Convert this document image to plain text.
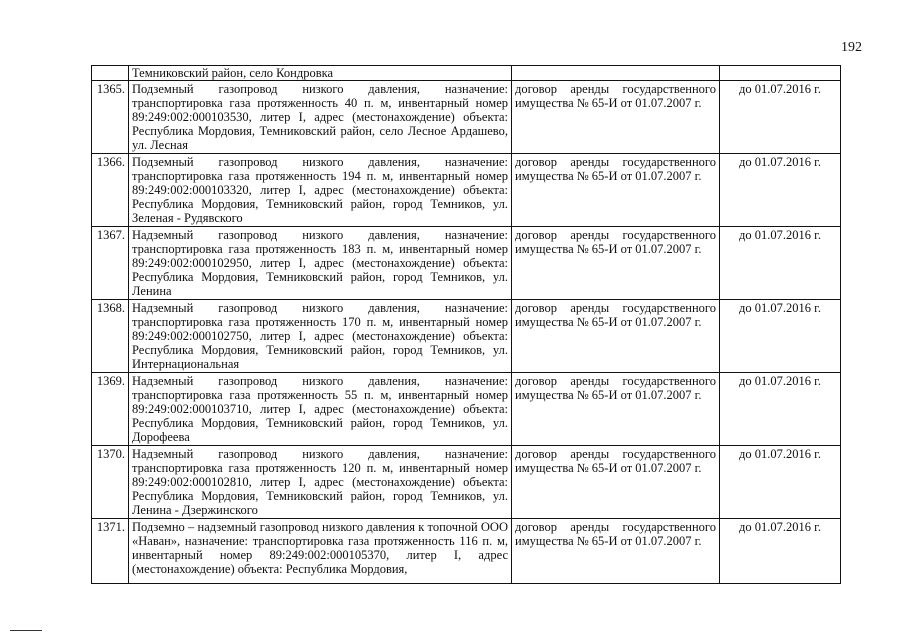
192
	Темниковский район, село Кондровка		
1365.	Подземный газопровод низкого давления, назначение: транспортировка газа протяженность 40 п. м, инвентарный номер 89:249:002:000103530, литер I, адрес (местонахождение) объекта: Республика Мордовия, Темниковский район, село Лесное Ардашево, ул. Лесная	договор аренды государственного имущества № 65-И от 01.07.2007 г.	до 01.07.2016 г.
1366.	Подземный газопровод низкого давления, назначение: транспортировка газа протяженность 194 п. м, инвентарный номер 89:249:002:000103320, литер I, адрес (местонахождение) объекта: Республика Мордовия, Темниковский район, город Темников, ул. Зеленая - Рудявского	договор аренды государственного имущества № 65-И от 01.07.2007 г.	до 01.07.2016 г.
1367.	Надземный газопровод низкого давления, назначение: транспортировка газа протяженность 183 п. м, инвентарный номер 89:249:002:000102950, литер I, адрес (местонахождение) объекта: Республика Мордовия, Темниковский район, город Темников, ул. Ленина	договор аренды государственного имущества № 65-И от 01.07.2007 г.	до 01.07.2016 г.
1368.	Надземный газопровод низкого давления, назначение: транспортировка газа протяженность 170 п. м, инвентарный номер 89:249:002:000102750, литер I, адрес (местонахождение) объекта: Республика Мордовия, Темниковский район, город Темников, ул. Интернациональная	договор аренды государственного имущества № 65-И от 01.07.2007 г.	до 01.07.2016 г.
1369.	Надземный газопровод низкого давления, назначение: транспортировка газа протяженность 55 п. м, инвентарный номер 89:249:002:000103710, литер I, адрес (местонахождение) объекта: Республика Мордовия, Темниковский район, город Темников, ул. Дорофеева	договор аренды государственного имущества № 65-И от 01.07.2007 г.	до 01.07.2016 г.
1370.	Надземный газопровод низкого давления, назначение: транспортировка газа протяженность 120 п. м, инвентарный номер 89:249:002:000102810, литер I, адрес (местонахождение) объекта: Республика Мордовия, Темниковский район, город Темников, ул. Ленина - Дзержинского	договор аренды государственного имущества № 65-И от 01.07.2007 г.	до 01.07.2016 г.
1371.	Подземно – надземный газопровод низкого давления к топочной ООО «Наван», назначение: транспортировка газа протяженность 116 п. м, инвентарный номер 89:249:002:000105370, литер I, адрес (местонахождение) объекта: Республика Мордовия,	договор аренды государственного имущества № 65-И от 01.07.2007 г.	до 01.07.2016 г.
